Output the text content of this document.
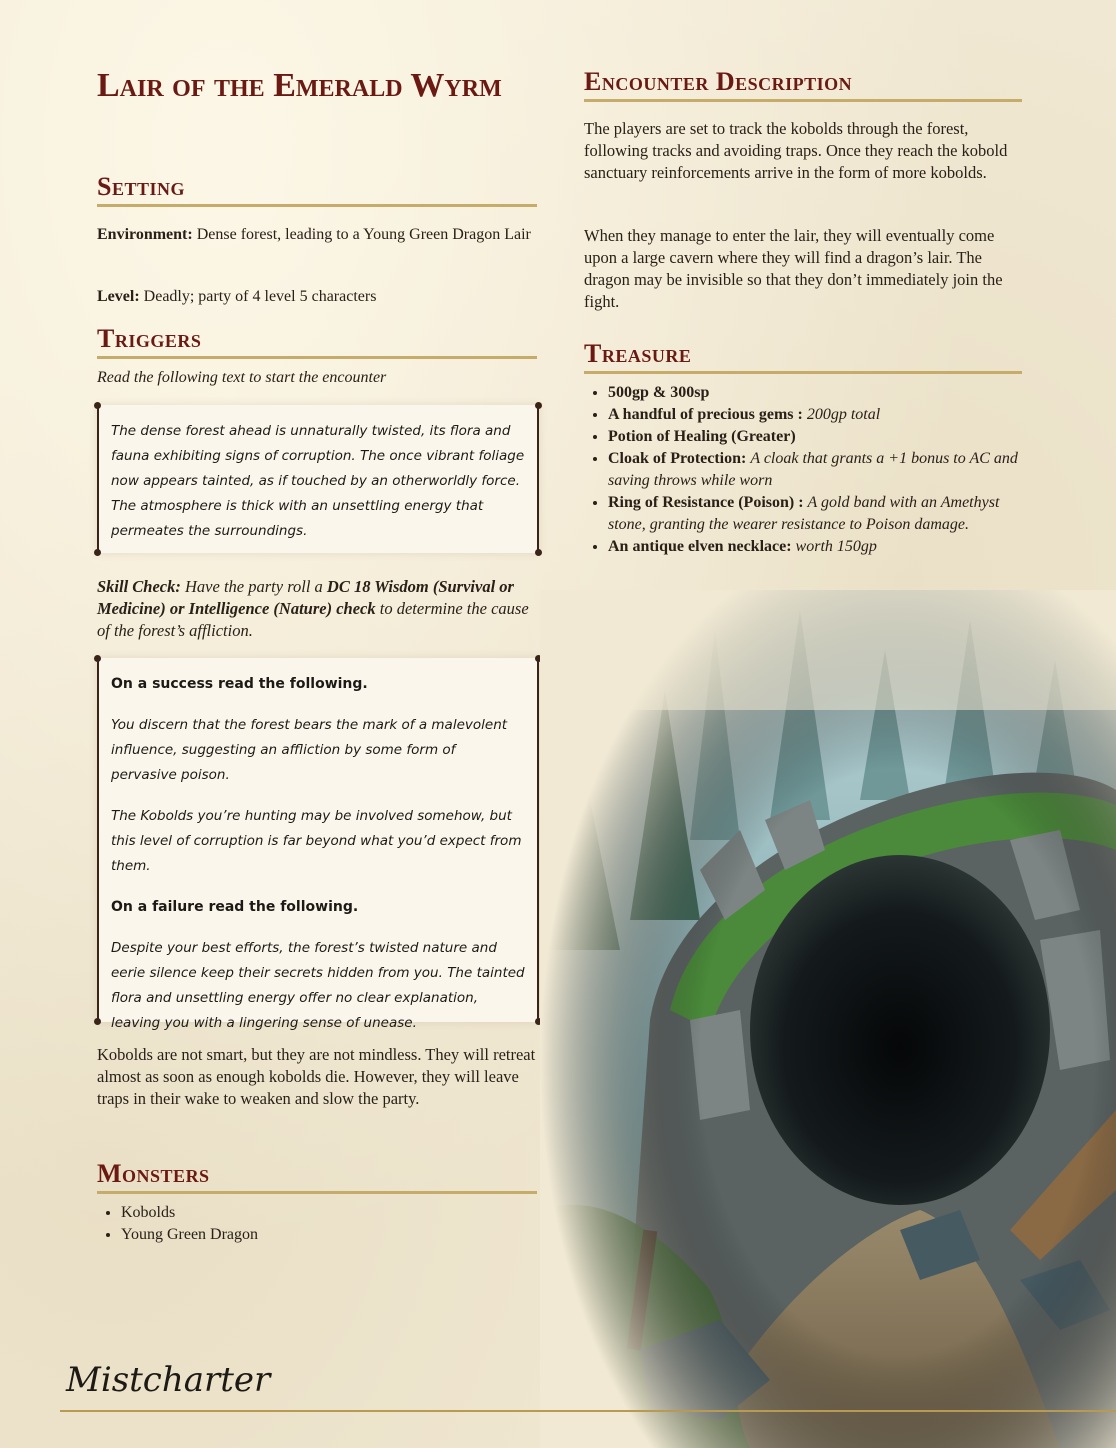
Lair of the Emerald Wyrm
Setting

Environment: Dense forest, leading to a Young Green Dragon Lair

Level: Deadly; party of 4 level 5 characters

Triggers

Read the following text to start the encounter

The dense forest ahead is unnaturally twisted, its flora and fauna exhibiting signs of corruption. The once vibrant foliage now appears tainted, as if touched by an otherworldly force. The atmosphere is thick with an unsettling energy that permeates the surroundings.

Skill Check: Have the party roll a DC 18 Wisdom (Survival or Medicine) or Intelligence (Nature) check to determine the cause of the forest’s affliction.

On a success read the following.

You discern that the forest bears the mark of a malevolent influence, suggesting an affliction by some form of pervasive poison.

The Kobolds you’re hunting may be involved somehow, but this level of corruption is far beyond what you’d expect from them.

On a failure read the following.

Despite your best efforts, the forest’s twisted nature and eerie silence keep their secrets hidden from you. The tainted flora and unsettling energy offer no clear explanation, leaving you with a lingering sense of unease.

Kobolds are not smart, but they are not mindless. They will retreat almost as soon as enough kobolds die. However, they will leave traps in their wake to weaken and slow the party.

Monsters
• Kobolds
• Young Green Dragon
Encounter Description

The players are set to track the kobolds through the forest, following tracks and avoiding traps. Once they reach the kobold sanctuary reinforcements arrive in the form of more kobolds.

When they manage to enter the lair, they will eventually come upon a large cavern where they will find a dragon’s lair. The dragon may be invisible so that they don’t immediately join the fight.

Treasure
• 500gp & 300sp
• A handful of precious gems : 200gp total
• Potion of Healing (Greater)
• Cloak of Protection: A cloak that grants a +1 bonus to AC and saving throws while worn
• Ring of Resistance (Poison) : A gold band with an Amethyst stone, granting the wearer resistance to Poison damage.
• An antique elven necklace: worth 150gp
Mistcharter
